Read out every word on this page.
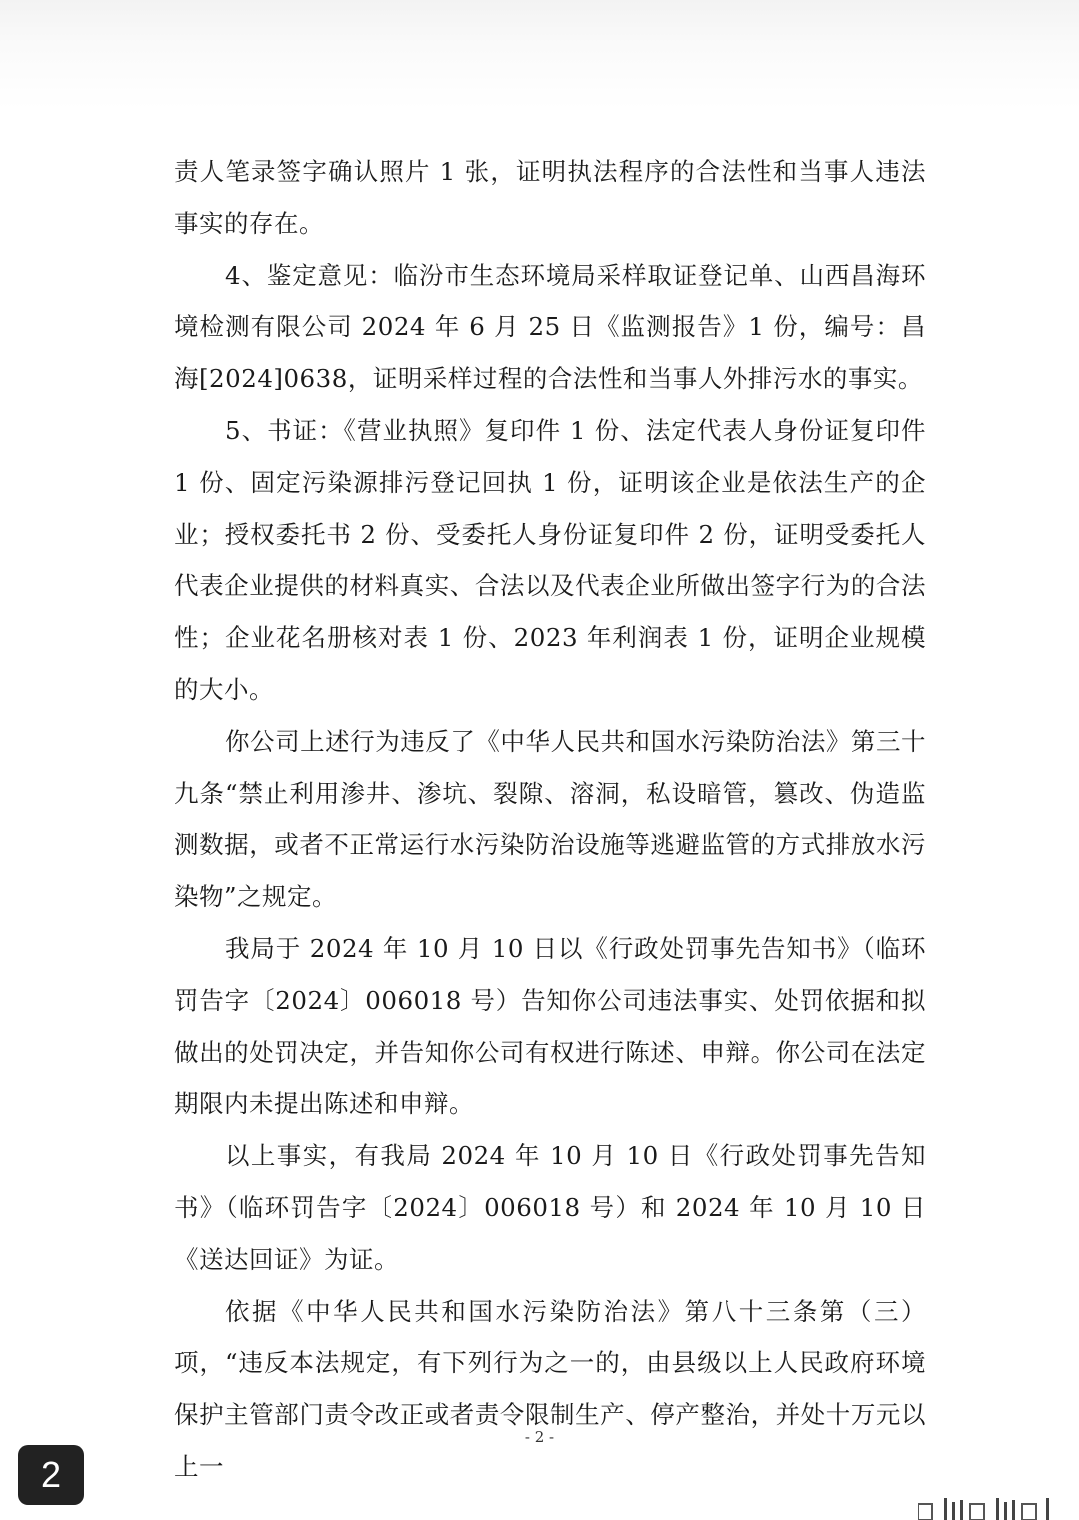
责人笔录签字确认照片 1 张，证明执法程序的合法性和当事人违法事实的存在。

4、鉴定意见：临汾市生态环境局采样取证登记单、山西昌海环境检测有限公司 2024 年 6 月 25 日《监测报告》1 份，编号：昌海[2024]0638，证明采样过程的合法性和当事人外排污水的事实。

5、书证：《营业执照》复印件 1 份、法定代表人身份证复印件 1 份、固定污染源排污登记回执 1 份，证明该企业是依法生产的企业；授权委托书 2 份、受委托人身份证复印件 2 份，证明受委托人代表企业提供的材料真实、合法以及代表企业所做出签字行为的合法性；企业花名册核对表 1 份、2023 年利润表 1 份，证明企业规模的大小。

你公司上述行为违反了《中华人民共和国水污染防治法》第三十九条“禁止利用渗井、渗坑、裂隙、溶洞，私设暗管，篡改、伪造监测数据，或者不正常运行水污染防治设施等逃避监管的方式排放水污染物”之规定。

我局于 2024 年 10 月 10 日以《行政处罚事先告知书》（临环罚告字〔2024〕006018 号）告知你公司违法事实、处罚依据和拟做出的处罚决定，并告知你公司有权进行陈述、申辩。你公司在法定期限内未提出陈述和申辩。

以上事实，有我局 2024 年 10 月 10 日《行政处罚事先告知书》（临环罚告字〔2024〕006018 号）和 2024 年 10 月 10 日《送达回证》为证。

依据《中华人民共和国水污染防治法》第八十三条第（三）项，“违反本法规定，有下列行为之一的，由县级以上人民政府环境保护主管部门责令改正或者责令限制生产、停产整治，并处十万元以上一

- 2 -
2
